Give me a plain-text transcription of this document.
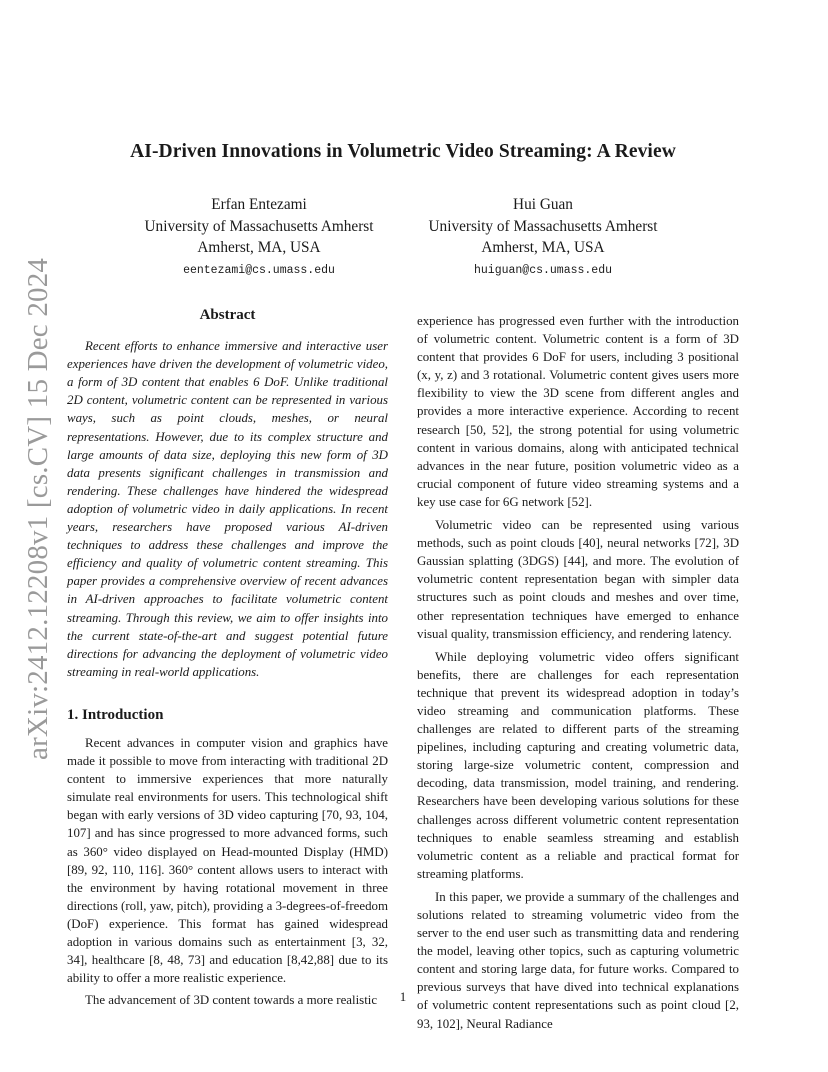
arXiv:2412.12208v1 [cs.CV] 15 Dec 2024
AI-Driven Innovations in Volumetric Video Streaming: A Review
Erfan Entezami
University of Massachusetts Amherst
Amherst, MA, USA
eentezami@cs.umass.edu
Hui Guan
University of Massachusetts Amherst
Amherst, MA, USA
huiguan@cs.umass.edu
Abstract

Recent efforts to enhance immersive and interactive user experiences have driven the development of volumetric video, a form of 3D content that enables 6 DoF. Unlike traditional 2D content, volumetric content can be represented in various ways, such as point clouds, meshes, or neural representations. However, due to its complex structure and large amounts of data size, deploying this new form of 3D data presents significant challenges in transmission and rendering. These challenges have hindered the widespread adoption of volumetric video in daily applications. In recent years, researchers have proposed various AI-driven techniques to address these challenges and improve the efficiency and quality of volumetric content streaming. This paper provides a comprehensive overview of recent advances in AI-driven approaches to facilitate volumetric content streaming. Through this review, we aim to offer insights into the current state-of-the-art and suggest potential future directions for advancing the deployment of volumetric video streaming in real-world applications.

1. Introduction

Recent advances in computer vision and graphics have made it possible to move from interacting with traditional 2D content to immersive experiences that more naturally simulate real environments for users. This technological shift began with early versions of 3D video capturing [70, 93, 104, 107] and has since progressed to more advanced forms, such as 360° video displayed on Head-mounted Display (HMD) [89, 92, 110, 116]. 360° content allows users to interact with the environment by having rotational movement in three directions (roll, yaw, pitch), providing a 3-degrees-of-freedom (DoF) experience. This format has gained widespread adoption in various domains such as entertainment [3, 32, 34], healthcare [8, 48, 73] and education [8,42,88] due to its ability to offer a more realistic experience.

The advancement of 3D content towards a more realistic

experience has progressed even further with the introduction of volumetric content. Volumetric content is a form of 3D content that provides 6 DoF for users, including 3 positional (x, y, z) and 3 rotational. Volumetric content gives users more flexibility to view the 3D scene from different angles and provides a more interactive experience. According to recent research [50, 52], the strong potential for using volumetric content in various domains, along with anticipated technical advances in the near future, position volumetric video as a crucial component of future video streaming systems and a key use case for 6G network [52].

Volumetric video can be represented using various methods, such as point clouds [40], neural networks [72], 3D Gaussian splatting (3DGS) [44], and more. The evolution of volumetric content representation began with simpler data structures such as point clouds and meshes and over time, other representation techniques have emerged to enhance visual quality, transmission efficiency, and rendering latency.

While deploying volumetric video offers significant benefits, there are challenges for each representation technique that prevent its widespread adoption in today’s video streaming and communication platforms. These challenges are related to different parts of the streaming pipelines, including capturing and creating volumetric data, storing large-size volumetric content, compression and decoding, data transmission, model training, and rendering. Researchers have been developing various solutions for these challenges across different volumetric content representation techniques to enable seamless streaming and establish volumetric content as a reliable and practical format for streaming platforms.

In this paper, we provide a summary of the challenges and solutions related to streaming volumetric video from the server to the end user such as transmitting data and rendering the model, leaving other topics, such as capturing volumetric content and storing large data, for future works. Compared to previous surveys that have dived into technical explanations of volumetric content representations such as point cloud [2, 93, 102], Neural Radiance

1
